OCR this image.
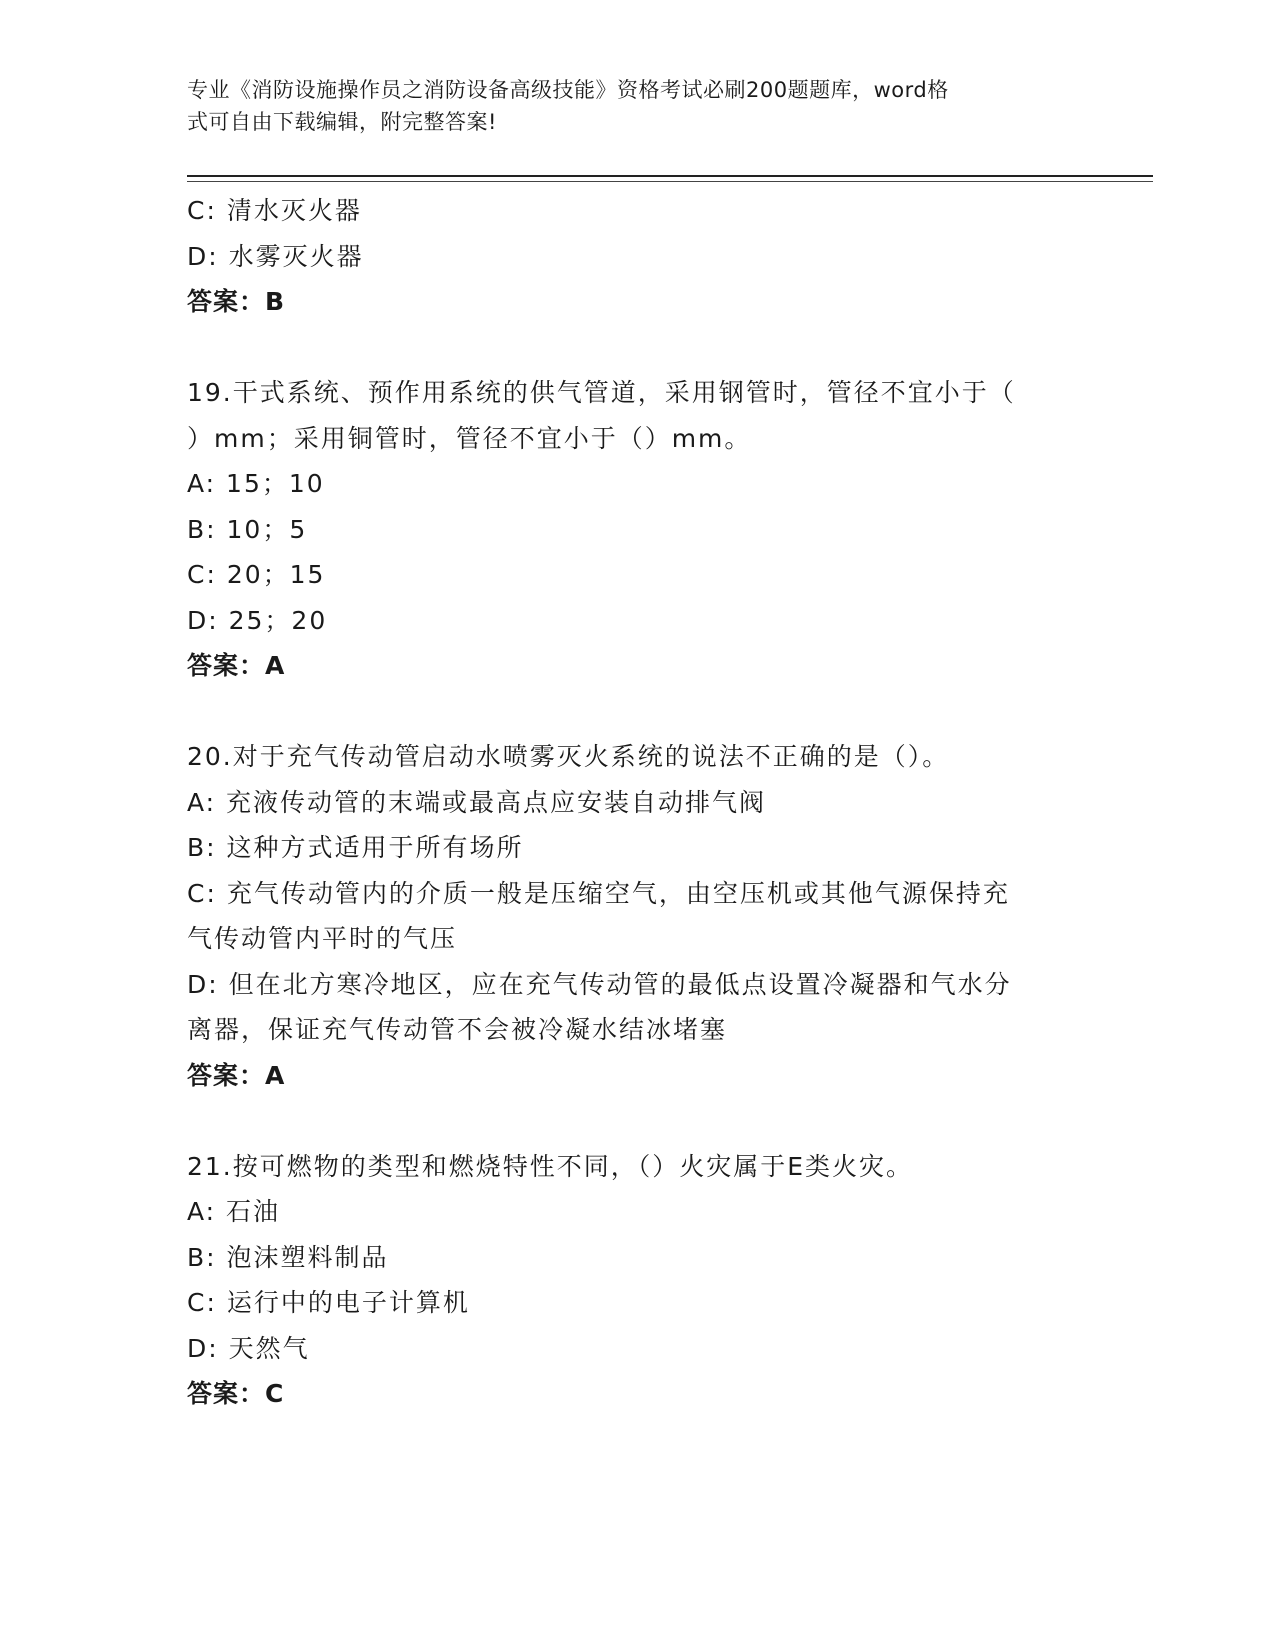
专业《消防设施操作员之消防设备高级技能》资格考试必刷200题题库，word格
式可自由下载编辑，附完整答案!
C: 清水灭火器
D: 水雾灭火器
答案：B
19.干式系统、预作用系统的供气管道，采用钢管时，管径不宜小于（
）mm；采用铜管时，管径不宜小于（）mm。
A: 15；10
B: 10；5
C: 20；15
D: 25；20
答案：A
20.对于充气传动管启动水喷雾灭火系统的说法不正确的是（）。
A: 充液传动管的末端或最高点应安装自动排气阀
B: 这种方式适用于所有场所
C: 充气传动管内的介质一般是压缩空气，由空压机或其他气源保持充
气传动管内平时的气压
D: 但在北方寒冷地区，应在充气传动管的最低点设置冷凝器和气水分
离器，保证充气传动管不会被冷凝水结冰堵塞
答案：A
21.按可燃物的类型和燃烧特性不同，（）火灾属于E类火灾。
A: 石油
B: 泡沫塑料制品
C: 运行中的电子计算机
D: 天然气
答案：C
